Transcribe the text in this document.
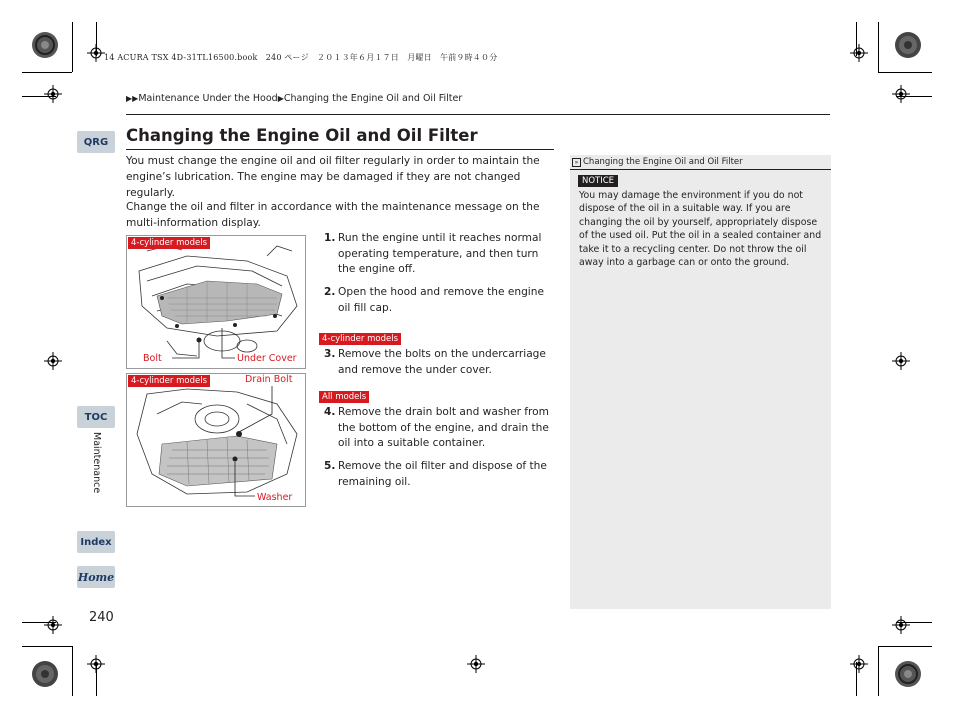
14 ACURA TSX 4D-31TL16500.book　240 ページ　２０１３年６月１７日　月曜日　午前９時４０分
▶▶Maintenance Under the Hood▶Changing the Engine Oil and Oil Filter
QRG
TOC
Maintenance
Index
Home
240
Changing the Engine Oil and Oil Filter
You must change the engine oil and oil filter regularly in order to maintain the engine’s lubrication. The engine may be damaged if they are not changed regularly.
Change the oil and filter in accordance with the maintenance message on the multi-information display.
4-cylinder models
Bolt	Under Cover
4-cylinder models	Drain Bolt
Washer
1. Run the engine until it reaches normal operating temperature, and then turn the engine off.
2. Open the hood and remove the engine oil fill cap.
4-cylinder models
3. Remove the bolts on the undercarriage and remove the under cover.
All models
4. Remove the drain bolt and washer from the bottom of the engine, and drain the oil into a suitable container.
5. Remove the oil filter and dispose of the remaining oil.
» Changing the Engine Oil and Oil Filter
NOTICE
You may damage the environment if you do not dispose of the oil in a suitable way. If you are changing the oil by yourself, appropriately dispose of the used oil. Put the oil in a sealed container and take it to a recycling center. Do not throw the oil away into a garbage can or onto the ground.
